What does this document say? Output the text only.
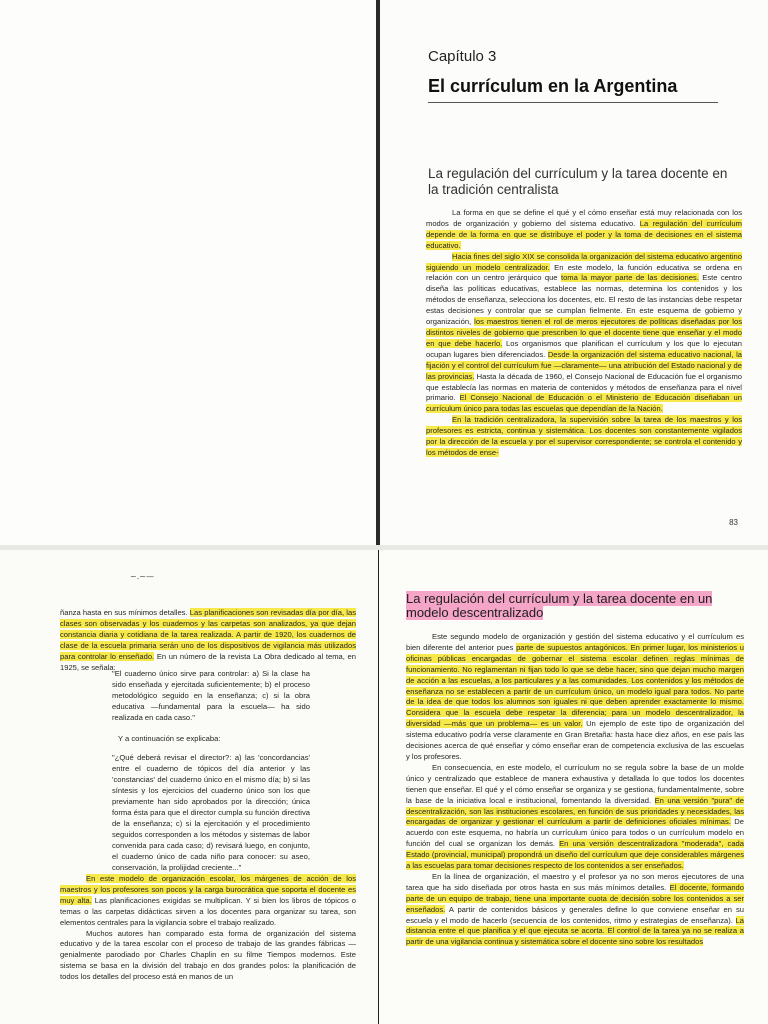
Capítulo 3
El currículum en la Argentina
La regulación del currículum y la tarea docente en la tradición centralista

La forma en que se define el qué y el cómo enseñar está muy relacionada con los modos de organización y gobierno del sistema educativo. La regulación del currículum depende de la forma en que se distribuye el poder y la toma de decisiones en el sistema educativo.

Hacia fines del siglo XIX se consolida la organización del sistema educativo argentino siguiendo un modelo centralizador. En este modelo, la función educativa se ordena en relación con un centro jerárquico que toma la mayor parte de las decisiones. Este centro diseña las políticas educativas, establece las normas, determina los contenidos y los métodos de enseñanza, selecciona los docentes, etc. El resto de las instancias debe respetar estas decisiones y controlar que se cumplan fielmente. En este esquema de gobierno y organización, los maestros tienen el rol de meros ejecutores de políticas diseñadas por los distintos niveles de gobierno que prescriben lo que el docente tiene que enseñar y el modo en que debe hacerlo. Los organismos que planifican el currículum y los que lo ejecutan ocupan lugares bien diferenciados. Desde la organización del sistema educativo nacional, la fijación y el control del currículum fue —claramente— una atribución del Estado nacional y de las provincias. Hasta la década de 1960, el Consejo Nacional de Educación fue el organismo que establecía las normas en materia de contenidos y métodos de enseñanza para el nivel primario. El Consejo Nacional de Educación o el Ministerio de Educación diseñaban un currículum único para todas las escuelas que dependían de la Nación.

En la tradición centralizadora, la supervisión sobre la tarea de los maestros y los profesores es estricta, continua y sistemática. Los docentes son constantemente vigilados por la dirección de la escuela y por el supervisor correspondiente; se controla el contenido y los métodos de ense-

83
~.~—

ñanza hasta en sus mínimos detalles. Las planificaciones son revisadas día por día, las clases son observadas y los cuadernos y las carpetas son analizados, ya que dejan constancia diaria y cotidiana de la tarea realizada. A partir de 1920, los cuadernos de clase de la escuela primaria serán uno de los dispositivos de vigilancia más utilizados para controlar lo enseñado. En un número de la revista La Obra dedicado al tema, en 1925, se señala:

"El cuaderno único sirve para controlar: a) Si la clase ha sido enseñada y ejercitada suficientemente; b) el proceso metodológico seguido en la enseñanza; c) si la obra educativa —fundamental para la escuela— ha sido realizada en cada caso."

Y a continuación se explicaba:

"¿Qué deberá revisar el director?: a) las 'concordancias' entre el cuaderno de tópicos del día anterior y las 'constancias' del cuaderno único en el mismo día; b) si las síntesis y los ejercicios del cuaderno único son los que previamente han sido aprobados por la dirección; única forma ésta para que el director cumpla su función directiva de la enseñanza; c) si la ejercitación y el procedimiento seguidos corresponden a los métodos y sistemas de labor convenida para cada caso; d) revisará luego, en conjunto, el cuaderno único de cada niño para conocer: su aseo, conservación, la prolijidad creciente..."

En este modelo de organización escolar, los márgenes de acción de los maestros y los profesores son pocos y la carga burocrática que soporta el docente es muy alta. Las planificaciones exigidas se multiplican. Y si bien los libros de tópicos o temas o las carpetas didácticas sirven a los docentes para organizar su tarea, son elementos centrales para la vigilancia sobre el trabajo realizado.

Muchos autores han comparado esta forma de organización del sistema educativo y de la tarea escolar con el proceso de trabajo de las grandes fábricas —genialmente parodiado por Charles Chaplin en su filme Tiempos modernos. Este sistema se basa en la división del trabajo en dos grandes polos: la planificación de todos los detalles del proceso está en manos de un

La regulación del currículum y la tarea docente en un modelo descentralizado

Este segundo modelo de organización y gestión del sistema educativo y el currículum es bien diferente del anterior pues parte de supuestos antagónicos. En primer lugar, los ministerios u oficinas públicas encargadas de gobernar el sistema escolar definen reglas mínimas de funcionamiento. No reglamentan ni fijan todo lo que se debe hacer, sino que dejan mucho margen de acción a las escuelas, a los particulares y a las comunidades. Los contenidos y los métodos de enseñanza no se establecen a partir de un currículum único, un modelo igual para todos. No parte de la idea de que todos los alumnos son iguales ni que deben aprender exactamente lo mismo. Considera que la escuela debe respetar la diferencia; para un modelo descentralizador, la diversidad —más que un problema— es un valor. Un ejemplo de este tipo de organización del sistema educativo podría verse claramente en Gran Bretaña: hasta hace diez años, en ese país las decisiones acerca de qué enseñar y cómo enseñar eran de competencia exclusiva de las escuelas y los profesores.

En consecuencia, en este modelo, el currículum no se regula sobre la base de un molde único y centralizado que establece de manera exhaustiva y detallada lo que todos los docentes tienen que enseñar. El qué y el cómo enseñar se organiza y se gestiona, fundamentalmente, sobre la base de la iniciativa local e institucional, fomentando la diversidad. En una versión "pura" de descentralización, son las instituciones escolares, en función de sus prioridades y necesidades, las encargadas de organizar y gestionar el currículum a partir de definiciones oficiales mínimas. De acuerdo con este esquema, no habría un currículum único para todos o un currículum modelo en función del cual se organizan los demás. En una versión descentralizadora "moderada", cada Estado (provincial, municipal) propondrá un diseño del currículum que deje considerables márgenes a las escuelas para tomar decisiones respecto de los contenidos a ser enseñados.

En la línea de organización, el maestro y el profesor ya no son meros ejecutores de una tarea que ha sido diseñada por otros hasta en sus más mínimos detalles. El docente, formando parte de un equipo de trabajo, tiene una importante cuota de decisión sobre los contenidos a ser enseñados. A partir de contenidos básicos y generales define lo que conviene enseñar en su escuela y el modo de hacerlo (secuencia de los contenidos, ritmo y estrategias de enseñanza). La distancia entre el que planifica y el que ejecuta se acorta. El control de la tarea ya no se realiza a partir de una vigilancia continua y sistemática sobre el docente sino sobre los resultados
